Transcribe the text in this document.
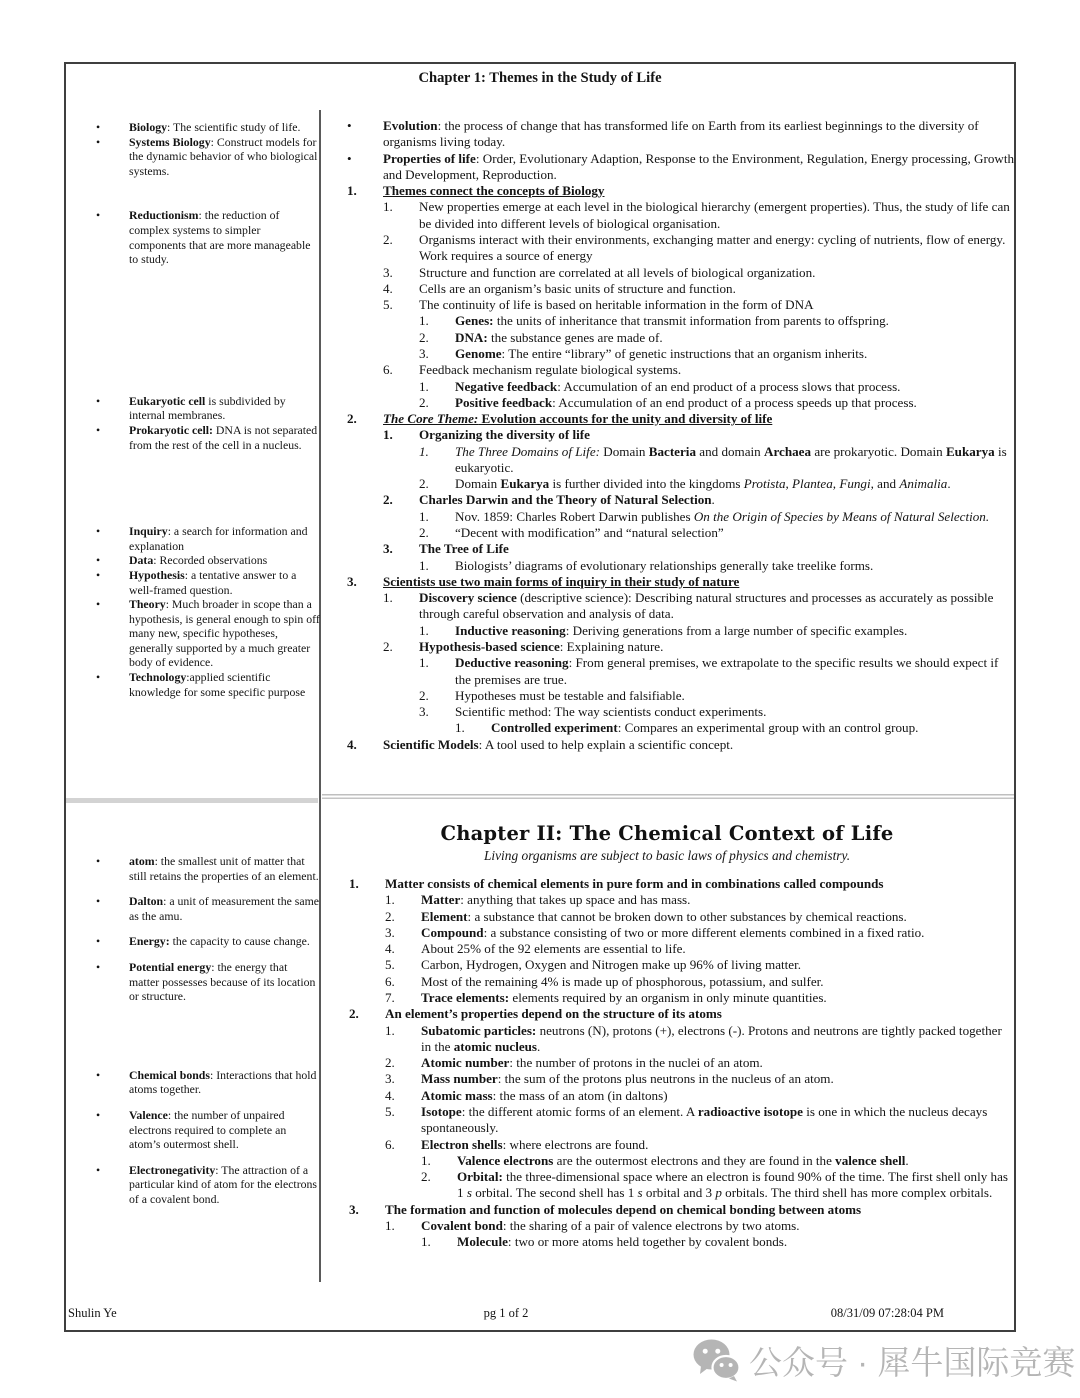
Chapter 1: Themes in the Study of Life
•	Biology: The scientific study of life.
•	Systems Biology: Construct models for the dynamic behavior of who biological systems.
•	Reductionism: the reduction of complex systems to simpler components that are more manageable to study.
•	Eukaryotic cell is subdivided by internal membranes.
•	Prokaryotic cell: DNA is not separated from the rest of the cell in a nucleus.
•	Inquiry: a search for information and explanation
•	Data: Recorded observations
•	Hypothesis: a tentative answer to a well-framed question.
•	Theory: Much broader in scope than a hypothesis, is general enough to spin off many new, specific hypotheses, generally supported by a much greater body of evidence.
•	Technology:applied scientific knowledge for some specific purpose
•	Evolution: the process of change that has transformed life on Earth from its earliest beginnings to the diversity of organisms living today.
•	Properties of life: Order, Evolutionary Adaption, Response to the Environment, Regulation, Energy processing, Growth and Development, Reproduction.
1.	Themes connect the concepts of Biology
1.	New properties emerge at each level in the biological hierarchy (emergent properties). Thus, the study of life can be divided into different levels of biological organisation.
2.	Organisms interact with their environments, exchanging matter and energy: cycling of nutrients, flow of energy. Work requires a source of energy
3.	Structure and function are correlated at all levels of biological organization.
4.	Cells are an organism’s basic units of structure and function.
5.	The continuity of life is based on heritable information in the form of DNA
1.	Genes: the units of inheritance that transmit information from parents to offspring.
2.	DNA: the substance genes are made of.
3.	Genome: The entire “library” of genetic instructions that an organism inherits.
6.	Feedback mechanism regulate biological systems.
1.	Negative feedback: Accumulation of an end product of a process slows that process.
2.	Positive feedback: Accumulation of an end product of a process speeds up that process.
2.	The Core Theme: Evolution accounts for the unity and diversity of life
1.	Organizing the diversity of life
1.	The Three Domains of Life: Domain Bacteria and domain Archaea are prokaryotic. Domain Eukarya is eukaryotic.
2.	Domain Eukarya is further divided into the kingdoms Protista, Plantea, Fungi, and Animalia.
2.	Charles Darwin and the Theory of Natural Selection.
1.	Nov. 1859: Charles Robert Darwin publishes On the Origin of Species by Means of Natural Selection.
2.	“Decent with modification” and “natural selection”
3.	The Tree of Life
1.	Biologists’ diagrams of evolutionary relationships generally take treelike forms.
3.	Scientists use two main forms of inquiry in their study of nature
1.	Discovery science (descriptive science): Describing natural structures and processes as accurately as possible through careful observation and analysis of data.
1.	Inductive reasoning: Deriving generations from a large number of specific examples.
2.	Hypothesis-based science: Explaining nature.
1.	Deductive reasoning: From general premises, we extrapolate to the specific results we should expect if the premises are true.
2.	Hypotheses must be testable and falsifiable.
3.	Scientific method: The way scientists conduct experiments.
1.	Controlled experiment: Compares an experimental group with an control group.
4.	Scientific Models: A tool used to help explain a scientific concept.
•	atom: the smallest unit of matter that still retains the properties of an element.
•	Dalton: a unit of measurement the same as the amu.
•	Energy: the capacity to cause change.
•	Potential energy: the energy that matter possesses because of its location or structure.
•	Chemical bonds: Interactions that hold atoms together.
•	Valence: the number of unpaired electrons required to complete an atom’s outermost shell.
•	Electronegativity: The attraction of a particular kind of atom for the electrons of a covalent bond.
Chapter II: The Chemical Context of Life
Living organisms are subject to basic laws of physics and chemistry.
1.	Matter consists of chemical elements in pure form and in combinations called compounds
1.	Matter: anything that takes up space and has mass.
2.	Element: a substance that cannot be broken down to other substances by chemical reactions.
3.	Compound: a substance consisting of two or more different elements combined in a fixed ratio.
4.	About 25% of the 92 elements are essential to life.
5.	Carbon, Hydrogen, Oxygen and Nitrogen make up 96% of living matter.
6.	Most of the remaining 4% is made up of phosphorous, potassium, and sulfer.
7.	Trace elements: elements required by an organism in only minute quantities.
2.	An element’s properties depend on the structure of its atoms
1.	Subatomic particles: neutrons (N), protons (+), electrons (-). Protons and neutrons are tightly packed together in the atomic nucleus.
2.	Atomic number: the number of protons in the nuclei of an atom.
3.	Mass number: the sum of the protons plus neutrons in the nucleus of an atom.
4.	Atomic mass: the mass of an atom (in daltons)
5.	Isotope: the different atomic forms of an element. A radioactive isotope is one in which the nucleus decays spontaneously.
6.	Electron shells: where electrons are found.
1.	Valence electrons are the outermost electrons and they are found in the valence shell.
2.	Orbital: the three-dimensional space where an electron is found 90% of the time. The first shell only has 1 s orbital. The second shell has 1 s orbital and 3 p orbitals. The third shell has more complex orbitals.
3.	The formation and function of molecules depend on chemical bonding between atoms
1.	Covalent bond: the sharing of a pair of valence electrons by two atoms.
1.	Molecule: two or more atoms held together by covalent bonds.
Shulin Ye	pg 1 of 2	08/31/09 07:28:04 PM
公众号 · 犀牛国际竞赛
